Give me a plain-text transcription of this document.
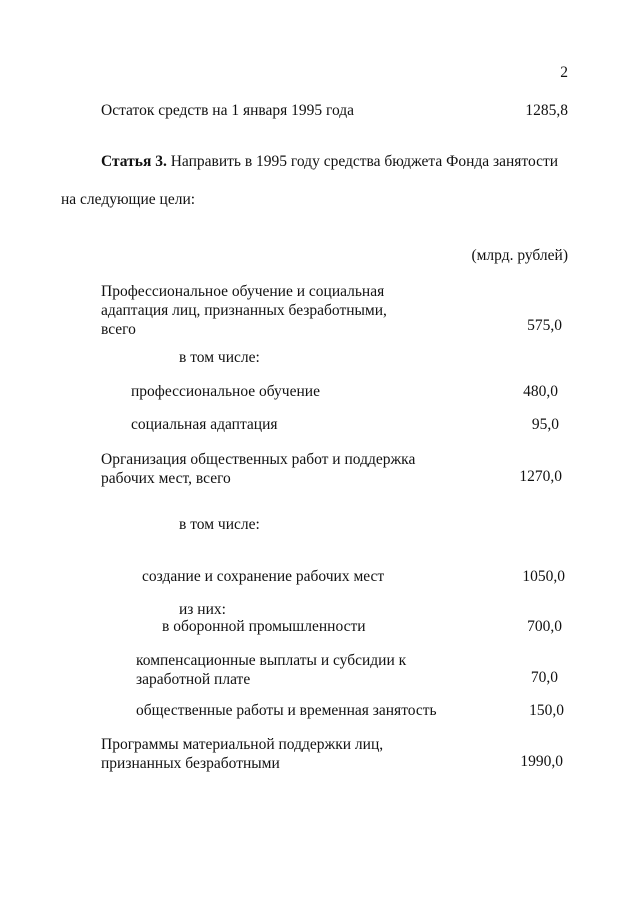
2
Остаток средств на 1 января 1995 года	1285,8
Статья 3. Направить в 1995 году средства бюджета Фонда занятости
на следующие цели:
(млрд. рублей)
Профессиональное обучение и социальная
адаптация лиц, признанных безработными,
всего	575,0
в том числе:
профессиональное обучение	480,0
социальная адаптация	95,0
Организация общественных работ и поддержка
рабочих мест, всего	1270,0
в том числе:
создание и сохранение рабочих мест	1050,0
из них:
в оборонной промышленности	700,0
компенсационные выплаты и субсидии к
заработной плате	70,0
общественные работы и временная занятость	150,0
Программы материальной поддержки лиц,
признанных безработными	1990,0
